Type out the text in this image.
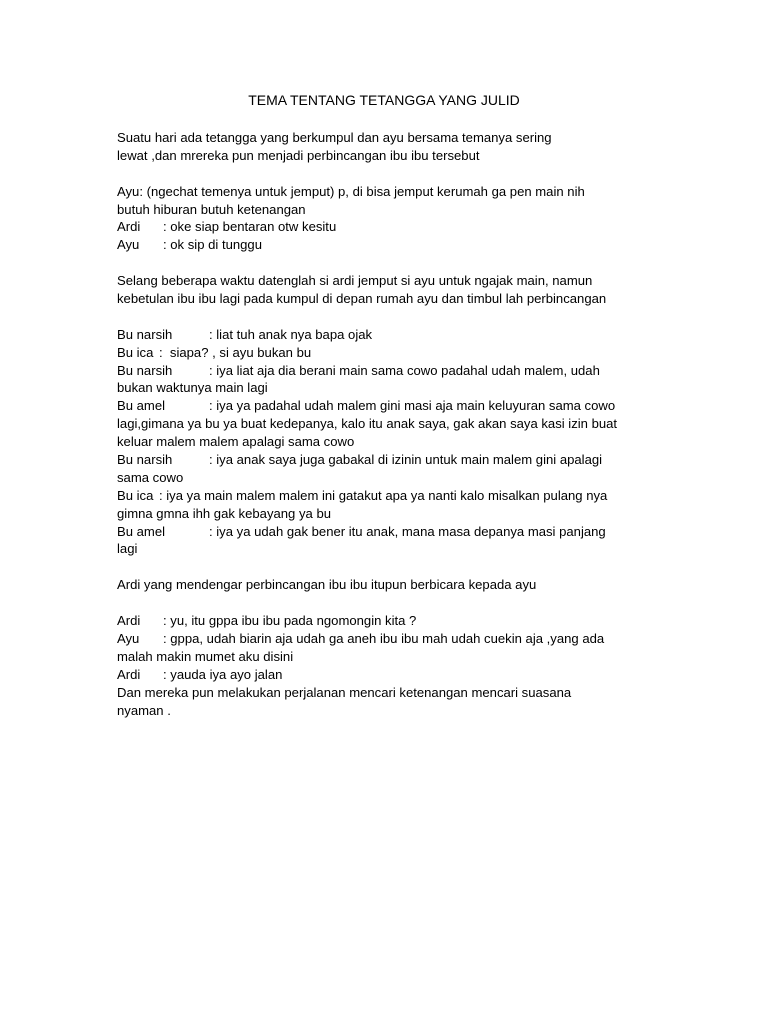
TEMA TENTANG TETANGGA YANG JULID
Suatu hari ada tetangga yang berkumpul dan ayu bersama temanya sering
lewat ,dan mrereka pun menjadi perbincangan ibu ibu tersebut
Ayu: (ngechat temenya untuk jemput) p, di bisa jemput kerumah ga pen main nih
butuh hiburan butuh ketenangan
Ardi : oke siap bentaran otw kesitu
Ayu : ok sip di tunggu
Selang beberapa waktu datenglah si ardi jemput si ayu untuk ngajak main, namun
kebetulan ibu ibu lagi pada kumpul di depan rumah ayu dan timbul lah perbincangan
Bu narsih	: liat tuh anak nya bapa ojak
Bu ica :  siapa? , si ayu bukan bu
Bu narsih	: iya liat aja dia berani main sama cowo padahal udah malem, udah
bukan waktunya main lagi
Bu amel	: iya ya padahal udah malem gini masi aja main keluyuran sama cowo
lagi,gimana ya bu ya buat kedepanya, kalo itu anak saya, gak akan saya kasi izin buat
keluar malem malem apalagi sama cowo
Bu narsih	: iya anak saya juga gabakal di izinin untuk main malem gini apalagi
sama cowo
Bu ica : iya ya main malem malem ini gatakut apa ya nanti kalo misalkan pulang nya
gimna gmna ihh gak kebayang ya bu
Bu amel	: iya ya udah gak bener itu anak, mana masa depanya masi panjang
lagi
Ardi yang mendengar perbincangan ibu ibu itupun berbicara kepada ayu
Ardi : yu, itu gppa ibu ibu pada ngomongin kita ?
Ayu : gppa, udah biarin aja udah ga aneh ibu ibu mah udah cuekin aja ,yang ada
malah makin mumet aku disini
Ardi : yauda iya ayo jalan
Dan mereka pun melakukan perjalanan mencari ketenangan mencari suasana
nyaman .
